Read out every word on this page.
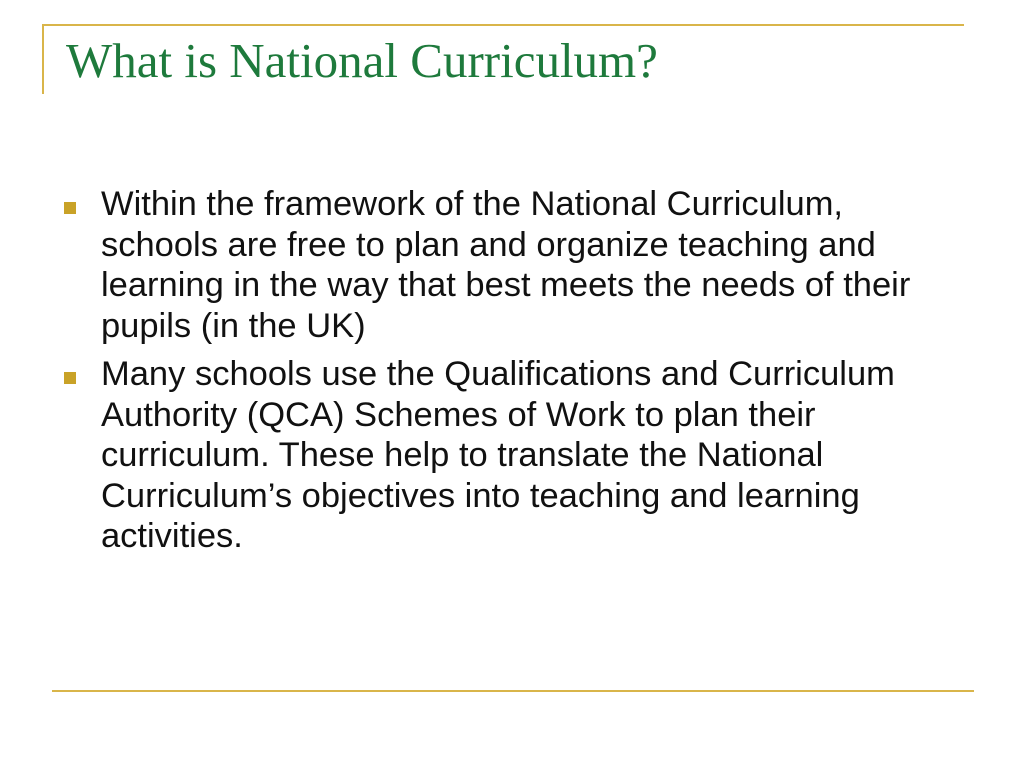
What is National Curriculum?
Within the framework of the National Curriculum, schools are free to plan and organize teaching and learning in the way that best meets the needs of their pupils (in the UK)
Many schools use the Qualifications and Curriculum Authority (QCA) Schemes of Work to plan their curriculum. These help to translate the National Curriculum’s objectives into teaching and learning activities.
